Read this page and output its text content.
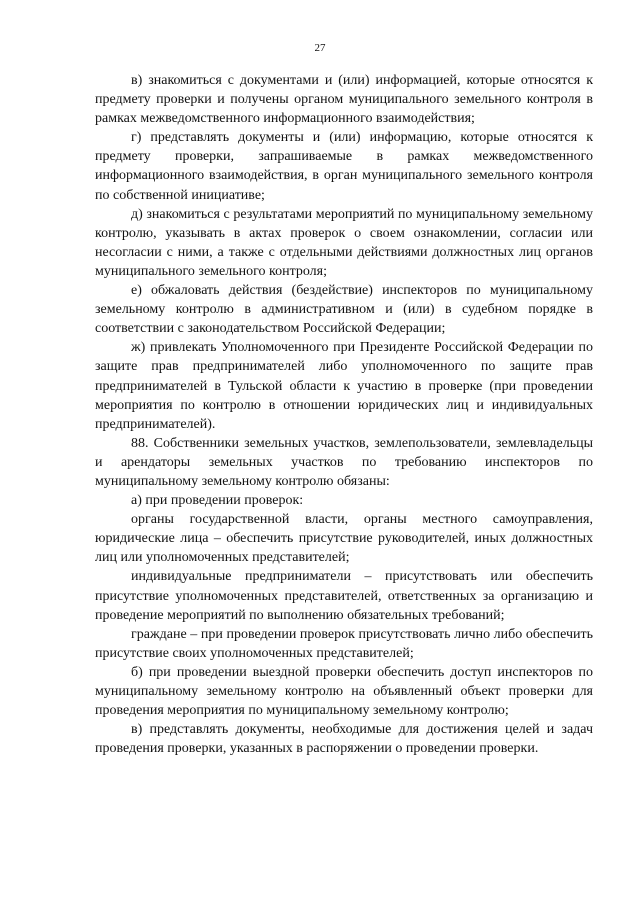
27

в) знакомиться с документами и (или) информацией, которые относятся к предмету проверки и получены органом муниципального земельного контроля в рамках межведомственного информационного взаимодействия;

г) представлять документы и (или) информацию, которые относятся к предмету проверки, запрашиваемые в рамках межведомственного информационного взаимодействия, в орган муниципального земельного контроля по собственной инициативе;

д) знакомиться с результатами мероприятий по муниципальному земельному контролю, указывать в актах проверок о своем ознакомлении, согласии или несогласии с ними, а также с отдельными действиями должностных лиц органов муниципального земельного контроля;

е) обжаловать действия (бездействие) инспекторов по муниципальному земельному контролю в административном и (или) в судебном порядке в соответствии с законодательством Российской Федерации;

ж) привлекать Уполномоченного при Президенте Российской Федерации по защите прав предпринимателей либо уполномоченного по защите прав предпринимателей в Тульской области к участию в проверке (при проведении мероприятия по контролю в отношении юридических лиц и индивидуальных предпринимателей).

88. Собственники земельных участков, землепользователи, землевладельцы и арендаторы земельных участков по требованию инспекторов по муниципальному земельному контролю обязаны:

а) при проведении проверок:

органы государственной власти, органы местного самоуправления, юридические лица – обеспечить присутствие руководителей, иных должностных лиц или уполномоченных представителей;

индивидуальные предприниматели – присутствовать или обеспечить присутствие уполномоченных представителей, ответственных за организацию и проведение мероприятий по выполнению обязательных требований;

граждане – при проведении проверок присутствовать лично либо обеспечить присутствие своих уполномоченных представителей;

б) при проведении выездной проверки обеспечить доступ инспекторов по муниципальному земельному контролю на объявленный объект проверки для проведения мероприятия по муниципальному земельному контролю;

в) представлять документы, необходимые для достижения целей и задач проведения проверки, указанных в распоряжении о проведении проверки.
